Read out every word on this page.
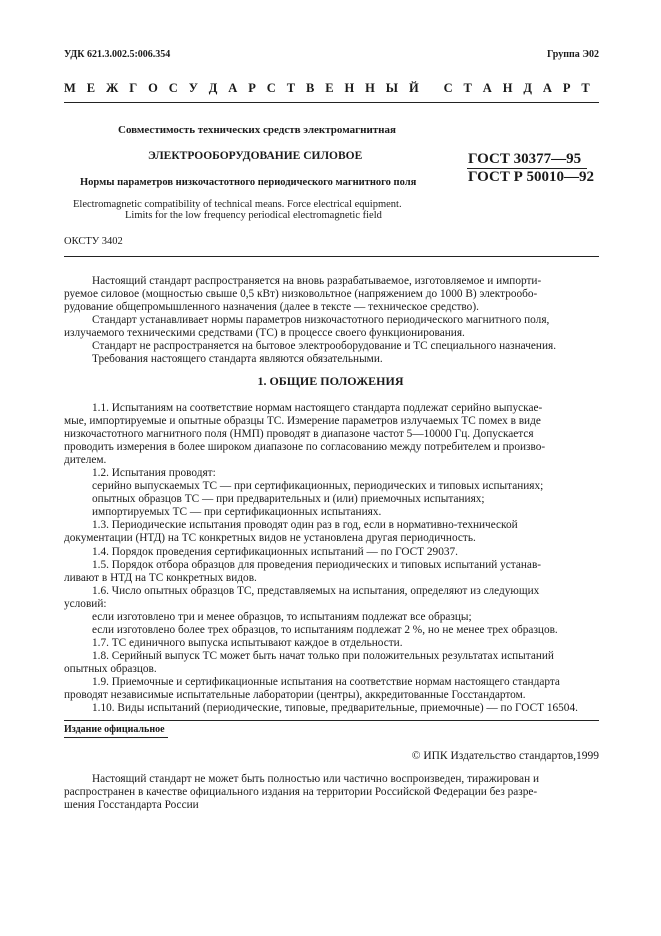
УДК 621.3.002.5:006.354	Группа Э02
М Е Ж Г О С У Д А Р С Т В Е Н Н Ы Й
С Т А Н Д А Р Т
Совместимость технических средств электромагнитная
ЭЛЕКТРООБОРУДОВАНИЕ СИЛОВОЕ
Нормы параметров низкочастотного периодического магнитного поля
ГОСТ 30377—95
ГОСТ Р 50010—92
Electromagnetic compatibility of technical means. Force electrical equipment.
Limits for the low frequency periodical electromagnetic field
ОКСТУ 3402

Настоящий стандарт распространяется на вновь разрабатываемое, изготовляемое и импорти-

руемое силовое (мощностью свыше 0,5 кВт) низковольтное (напряжением до 1000 В) электрообо-

рудование общепромышленного назначения (далее в тексте — техническое средство).

Стандарт устанавливает нормы параметров низкочастотного периодического магнитного поля,

излучаемого техническими средствами (ТС) в процессе своего функционирования.

Стандарт не распространяется на бытовое электрооборудование и ТС специального назначения.

Требования настоящего стандарта являются обязательными.

1. ОБЩИЕ ПОЛОЖЕНИЯ

1.1. Испытаниям на соответствие нормам настоящего стандарта подлежат серийно выпускае-

мые, импортируемые и опытные образцы ТС. Измерение параметров излучаемых ТС помех в виде

низкочастотного магнитного поля (НМП) проводят в диапазоне частот 5—10000 Гц. Допускается

проводить измерения в более широком диапазоне по согласованию между потребителем и произво-

дителем.

1.2. Испытания проводят:

серийно выпускаемых ТС — при сертификационных, периодических и типовых испытаниях;

опытных образцов ТС — при предварительных и (или) приемочных испытаниях;

импортируемых ТС — при сертификационных испытаниях.

1.3. Периодические испытания проводят один раз в год, если в нормативно-технической

документации (НТД) на ТС конкретных видов не установлена другая периодичность.

1.4. Порядок проведения сертификационных испытаний — по ГОСТ 29037.

1.5. Порядок отбора образцов для проведения периодических и типовых испытаний устанав-

ливают в НТД на ТС конкретных видов.

1.6. Число опытных образцов ТС, представляемых на испытания, определяют из следующих

условий:

если изготовлено три и менее образцов, то испытаниям подлежат все образцы;

если изготовлено более трех образцов, то испытаниям подлежат 2 %, но не менее трех образцов.

1.7. ТС единичного выпуска испытывают каждое в отдельности.

1.8. Серийный выпуск ТС может быть начат только при положительных результатах испытаний

опытных образцов.

1.9. Приемочные и сертификационные испытания на соответствие нормам настоящего стандарта

проводят независимые испытательные лаборатории (центры), аккредитованные Госстандартом.

1.10. Виды испытаний (периодические, типовые, предварительные, приемочные) — по ГОСТ 16504.

Издание официальное
© ИПК Издательство стандартов,1999

Настоящий стандарт не может быть полностью или частично воспроизведен, тиражирован и

распространен в качестве официального издания на территории Российской Федерации без разре-

шения Госстандарта России
